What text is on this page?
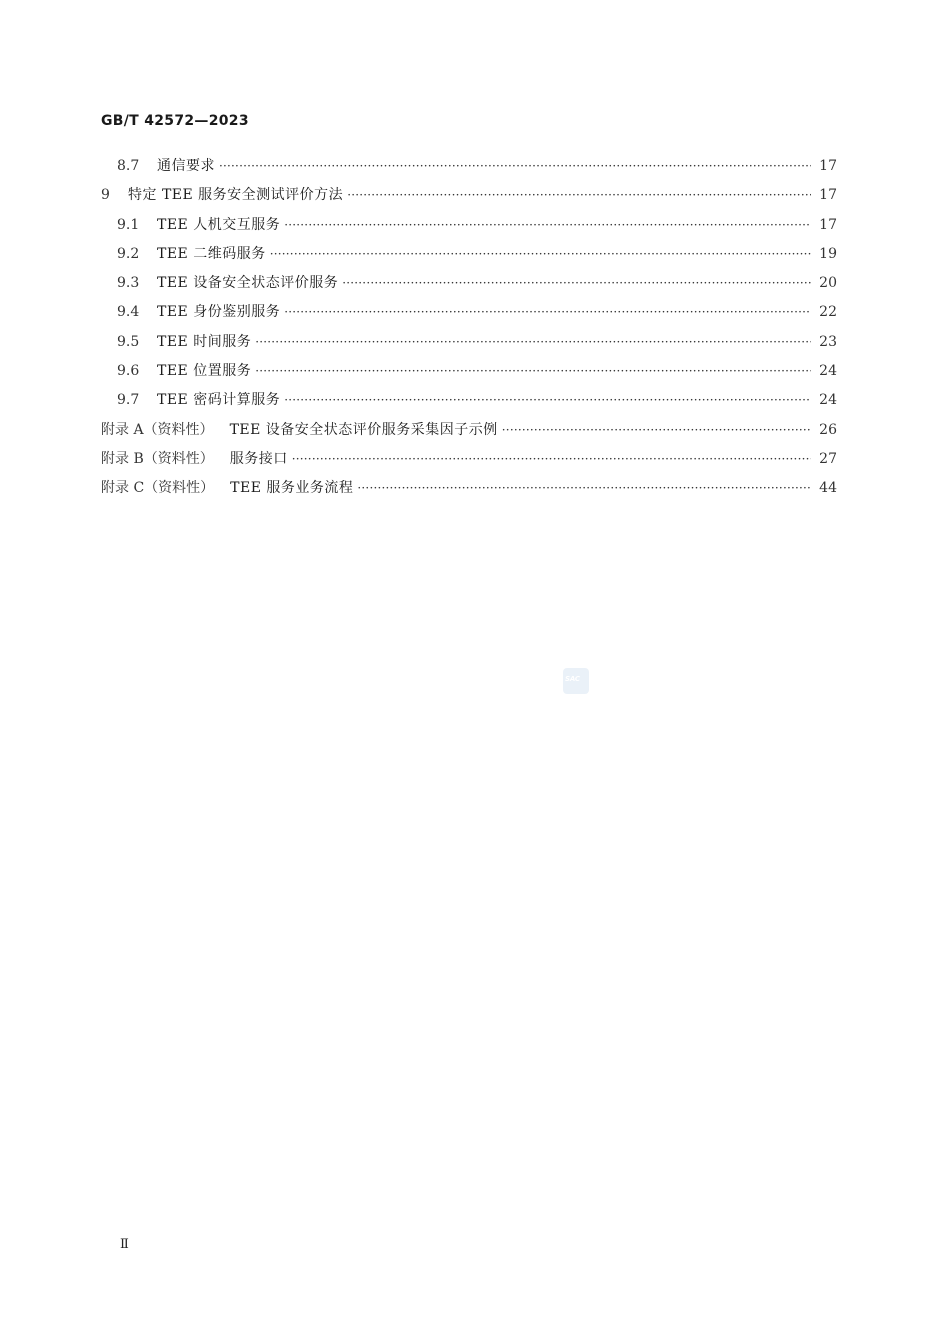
GB/T 42572—2023
8.7	通信要求 ·····	17
9	特定 TEE 服务安全测试评价方法 ·····	17
9.1	TEE 人机交互服务 ·····	17
9.2	TEE 二维码服务 ·····	19
9.3	TEE 设备安全状态评价服务 ·····	20
9.4	TEE 身份鉴别服务 ·····	22
9.5	TEE 时间服务 ·····	23
9.6	TEE 位置服务 ·····	24
9.7	TEE 密码计算服务 ·····	24
附录 A（资料性）	TEE 设备安全状态评价服务采集因子示例 ·····	26
附录 B（资料性）	服务接口 ·····	27
附录 C（资料性）	TEE 服务业务流程 ·····	44
SAC
Ⅱ
